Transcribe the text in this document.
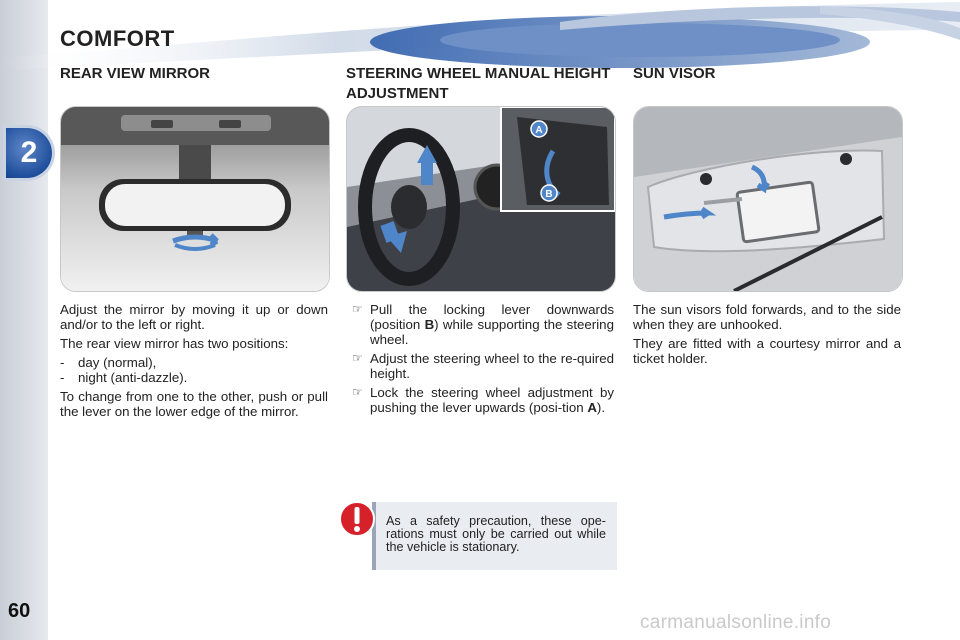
2
60
COMFORT
REAR VIEW MIRROR	STEERING WHEEL MANUAL HEIGHT ADJUSTMENT
SUN VISOR
A
B

Adjust the mirror by moving it up or down and/or to the left or right.

The rear view mirror has two positions:

-	day (normal),
-	night (anti-dazzle).

To change from one to the other, push or pull the lever on the lower edge of the mirror.

☞ Pull the locking lever downwards (position B) while supporting the steering wheel.
☞ Adjust the steering wheel to the re-quired height.
☞ Lock the steering wheel adjustment by pushing the lever upwards (posi-tion A).

As a safety precaution, these ope-rations must only be carried out while the vehicle is stationary.

The sun visors fold forwards, and to the side when they are unhooked.

They are fitted with a courtesy mirror and a ticket holder.

carmanualsonline.info
